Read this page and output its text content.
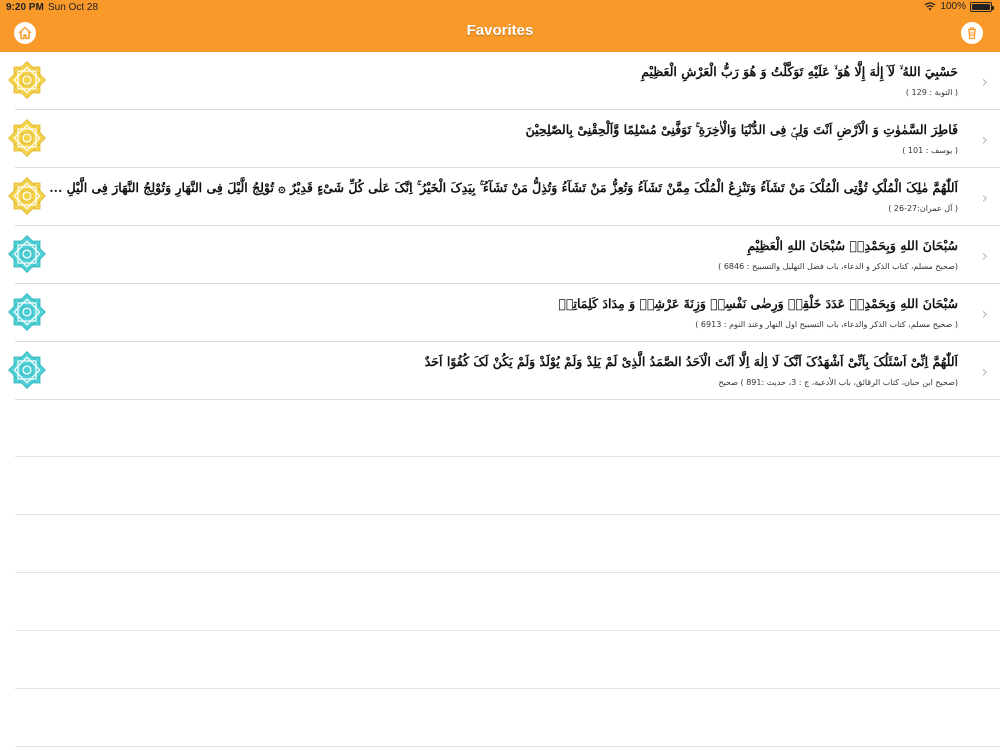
9:20 PM Sun Oct 28	100%
Favorites
حَسْبِيَ اللهُ ۙ لَآ إِلٰهَ إِلَّا هُوَ ۙ عَلَيْهِ تَوَكَّلْتُ وَ هُوَ رَبُّ الْعَرْشِ الْعَظِيْمِ
( التوبة : 129 )
›
فَاطِرَ السَّمٰوٰتِ وَ الْاَرْضِ اَنْتَ وَلِیّٖ فِی الدُّنْیَا وَالْاٰخِرَةِ ۚ تَوَفَّنِیْ مُسْلِمًا وَّاَلْحِقْنِیْ بِالصّٰلِحِیْنَ
( يوسف : 101 )
›
اَللّٰهُمَّ مٰلِکَ الْمُلْکِ تُؤْتِی الْمُلْکَ مَنْ تَشَآءُ وَتَنْزِعُ الْمُلْکَ مِمَّنْ تَشَآءُ وَتُعِزُّ مَنْ تَشَآءُ وَتُذِلُّ مَنْ تَشَآءُ ۚ بِیَدِکَ الْخَیْرُ ۚ اِنَّکَ عَلٰی کُلِّ شَیْءٍ قَدِیْرٌ ۞ تُوْلِجُ الَّیْلَ فِی النَّهَارِ وَتُوْلِجُ النَّهَارَ فِی الَّیْلِ ...
( آل عمران:27-26 )
›
سُبْحَانَ اللهِ وَبِحَمْدِهٖ سُبْحَانَ اللهِ الْعَظِيْمِ
(صحیح مسلم، کتاب الذکر و الدعاء، باب فضل التھلیل والتسبیح : 6846 )
›
سُبْحَانَ اللهِ وَبِحَمْدِهٖ عَدَدَ خَلْقِهٖ وَرِضٰى نَفْسِهٖ وَزِنَةَ عَرْشِهٖ وَ مِدَادَ كَلِمَاتِهٖ
( صحيح مسلم، كتاب الذكر والدعاء، باب التسبيح اول النهار وعند النوم : 6913 )
›
اَللّٰهُمَّ اِنِّیْ اَسْئَلُکَ بِاَنِّیْ اَشْهَدُکَ اَنَّکَ لَا اِلٰهَ اِلَّا اَنْتَ الْاَحَدُ الصَّمَدُ الَّذِیْ لَمْ یَلِدْ وَلَمْ یُوْلَدْ وَلَمْ یَکُنْ لَکَ کُفُوًا اَحَدٌ
(صحیح ابن حبان، کتاب الرقائق، باب الأدعیة، ج : 3، حدیث :891 ) صحیح
›
